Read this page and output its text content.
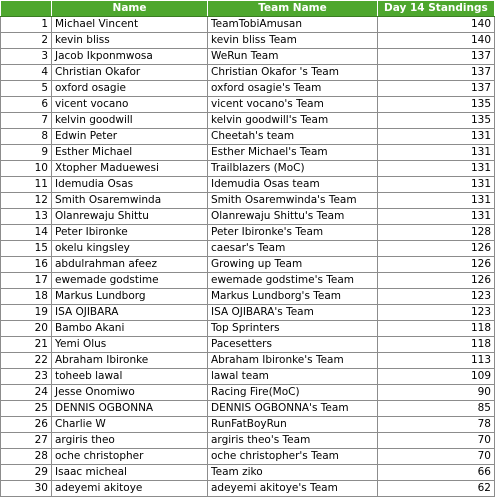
	Name	Team Name	Day 14 Standings
1	Michael Vincent	TeamTobiAmusan	140
2	kevin bliss	kevin bliss Team	140
3	Jacob Ikponmwosa	WeRun Team	137
4	Christian Okafor	Christian Okafor 's Team	137
5	oxford osagie	oxford osagie's Team	137
6	vicent vocano	vicent vocano's Team	135
7	kelvin goodwill	kelvin goodwill's Team	135
8	Edwin Peter	Cheetah's team	131
9	Esther Michael	Esther Michael's Team	131
10	Xtopher Maduewesi	Trailblazers (MoC)	131
11	Idemudia Osas	Idemudia Osas team	131
12	Smith Osaremwinda	Smith Osaremwinda's Team	131
13	Olanrewaju Shittu	Olanrewaju Shittu's Team	131
14	Peter Ibironke	Peter Ibironke's Team	128
15	okelu kingsley	caesar's Team	126
16	abdulrahman afeez	Growing up Team	126
17	ewemade godstime	ewemade godstime's Team	126
18	Markus Lundborg	Markus Lundborg's Team	123
19	ISA OJIBARA	ISA OJIBARA's Team	123
20	Bambo Akani	Top Sprinters	118
21	Yemi Olus	Pacesetters	118
22	Abraham Ibironke	Abraham Ibironke's Team	113
23	toheeb lawal	lawal team	109
24	Jesse Onomiwo	Racing Fire(MoC)	90
25	DENNIS OGBONNA	DENNIS OGBONNA's Team	85
26	Charlie W	RunFatBoyRun	78
27	argiris theo	argiris theo's Team	70
28	oche christopher	oche christopher's Team	70
29	Isaac micheal	Team ziko	66
30	adeyemi akitoye	adeyemi akitoye's Team	62
